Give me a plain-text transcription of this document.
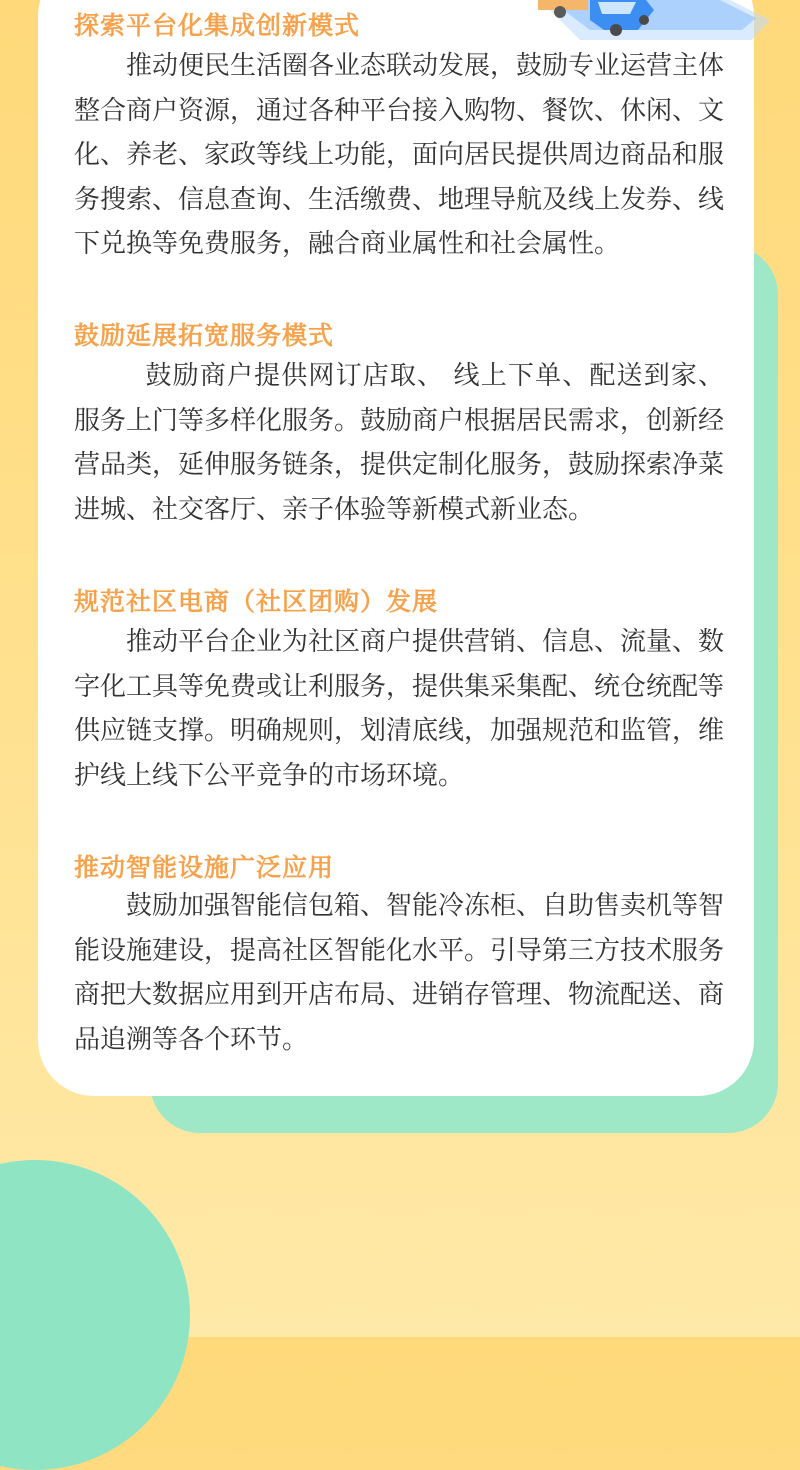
探索平台化集成创新模式

推动便民生活圈各业态联动发展，鼓励专业运营主体整合商户资源，通过各种平台接入购物、餐饮、休闲、文化、养老、家政等线上功能，面向居民提供周边商品和服务搜索、信息查询、生活缴费、地理导航及线上发券、线下兑换等免费服务，融合商业属性和社会属性。

鼓励延展拓宽服务模式

鼓励商户提供网订店取、 线上下单、配送到家、服务上门等多样化服务。鼓励商户根据居民需求，创新经营品类，延伸服务链条，提供定制化服务，鼓励探索净菜进城、社交客厅、亲子体验等新模式新业态。

规范社区电商（社区团购）发展

推动平台企业为社区商户提供营销、信息、流量、数字化工具等免费或让利服务，提供集采集配、统仓统配等供应链支撑。明确规则，划清底线，加强规范和监管，维护线上线下公平竞争的市场环境。

推动智能设施广泛应用

鼓励加强智能信包箱、智能冷冻柜、自助售卖机等智能设施建设，提高社区智能化水平。引导第三方技术服务商把大数据应用到开店布局、进销存管理、物流配送、商品追溯等各个环节。
